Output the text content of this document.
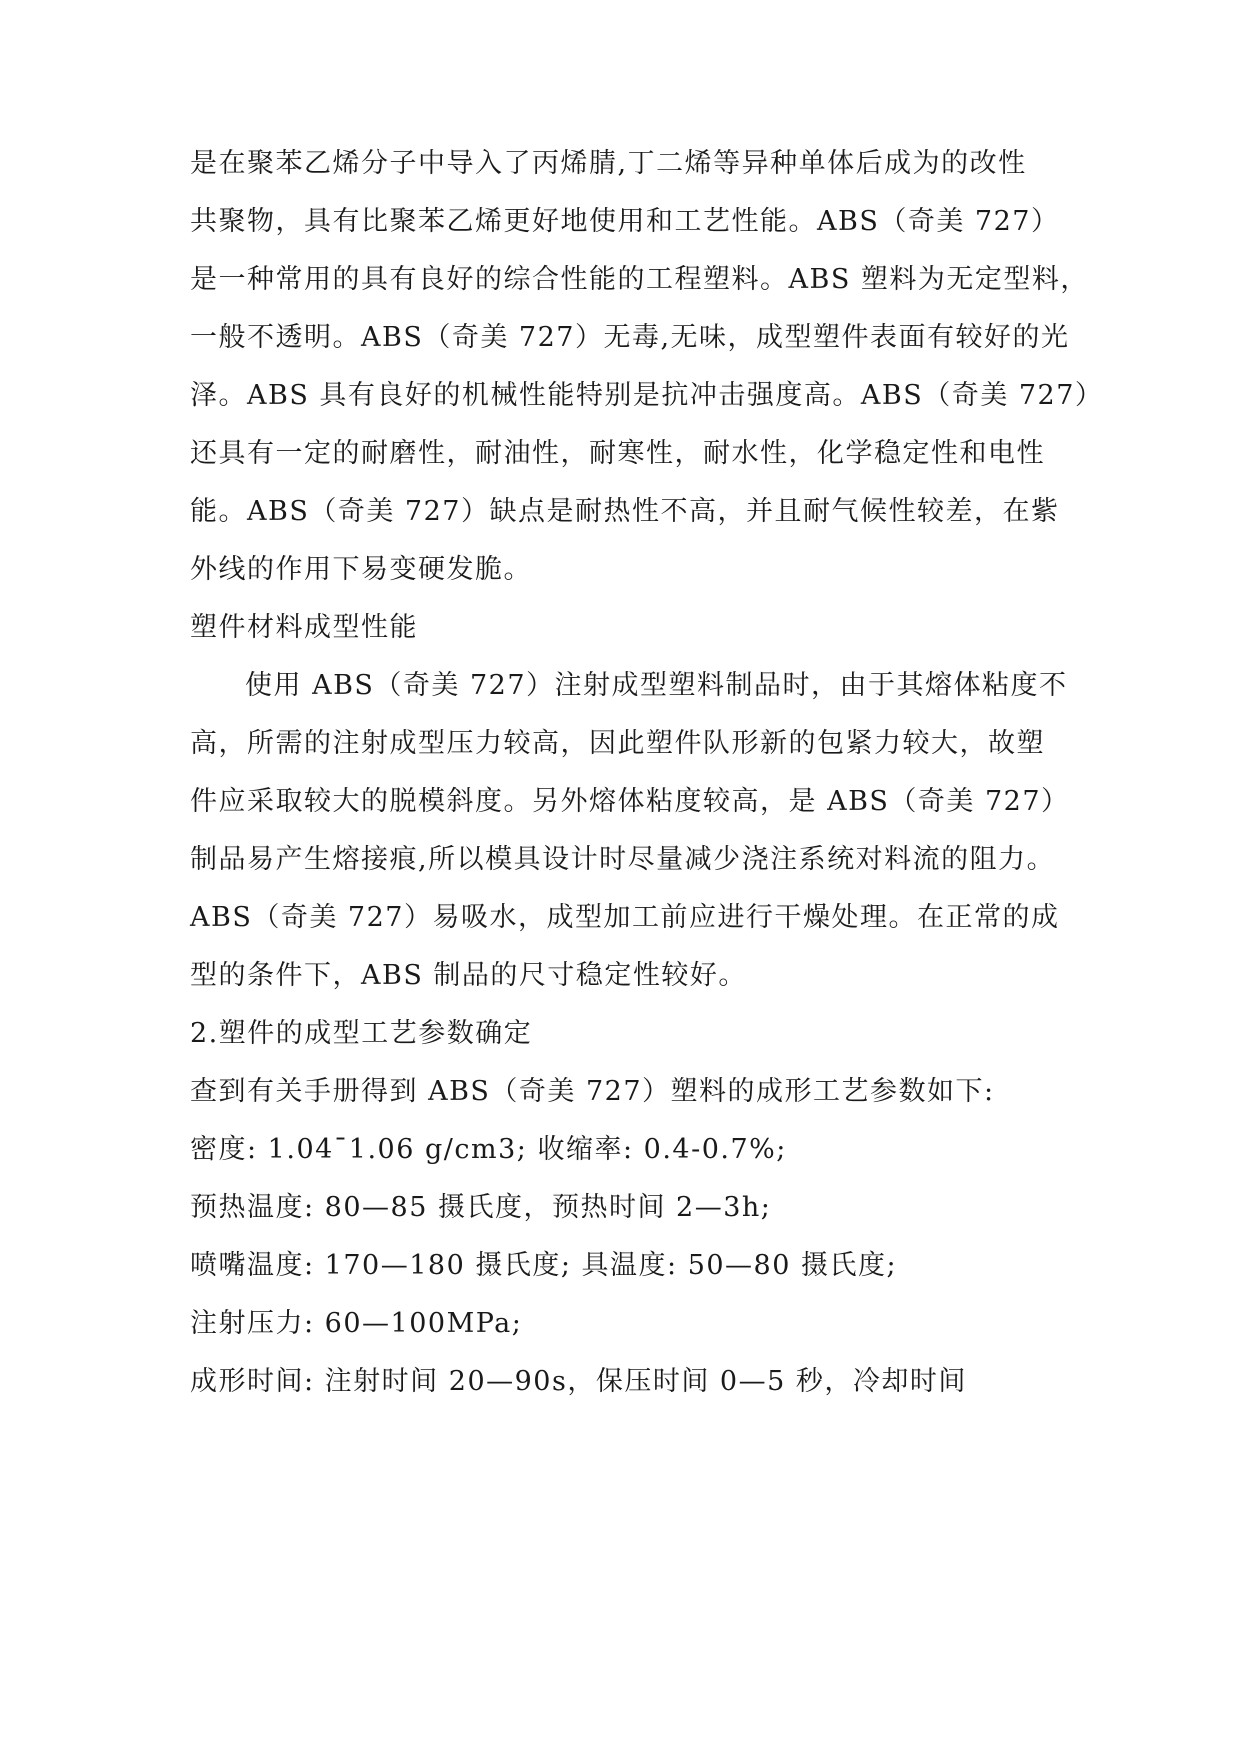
是在聚苯乙烯分子中导入了丙烯腈,丁二烯等异种单体后成为的改性
共聚物，具有比聚苯乙烯更好地使用和工艺性能。ABS（奇美 727）
是一种常用的具有良好的综合性能的工程塑料。ABS 塑料为无定型料，
一般不透明。ABS（奇美 727）无毒,无味，成型塑件表面有较好的光
泽。ABS 具有良好的机械性能特别是抗冲击强度高。ABS（奇美 727）
还具有一定的耐磨性，耐油性，耐寒性，耐水性，化学稳定性和电性
能。ABS（奇美 727）缺点是耐热性不高，并且耐气候性较差，在紫
外线的作用下易变硬发脆。
塑件材料成型性能
使用 ABS（奇美 727）注射成型塑料制品时，由于其熔体粘度不
高，所需的注射成型压力较高，因此塑件队形新的包紧力较大，故塑
件应采取较大的脱模斜度。另外熔体粘度较高，是 ABS（奇美 727）
制品易产生熔接痕,所以模具设计时尽量减少浇注系统对料流的阻力。
ABS（奇美 727）易吸水，成型加工前应进行干燥处理。在正常的成
型的条件下，ABS 制品的尺寸稳定性较好。
2.塑件的成型工艺参数确定
查到有关手册得到 ABS（奇美 727）塑料的成形工艺参数如下:
密度: 1.04¯1.06 g/cm3; 收缩率: 0.4-0.7%;
预热温度: 80—85 摄氏度，预热时间 2—3h;
喷嘴温度: 170—180 摄氏度; 具温度: 50—80 摄氏度;
注射压力: 60—100MPa;
成形时间: 注射时间 20—90s，保压时间 0—5 秒，冷却时间
